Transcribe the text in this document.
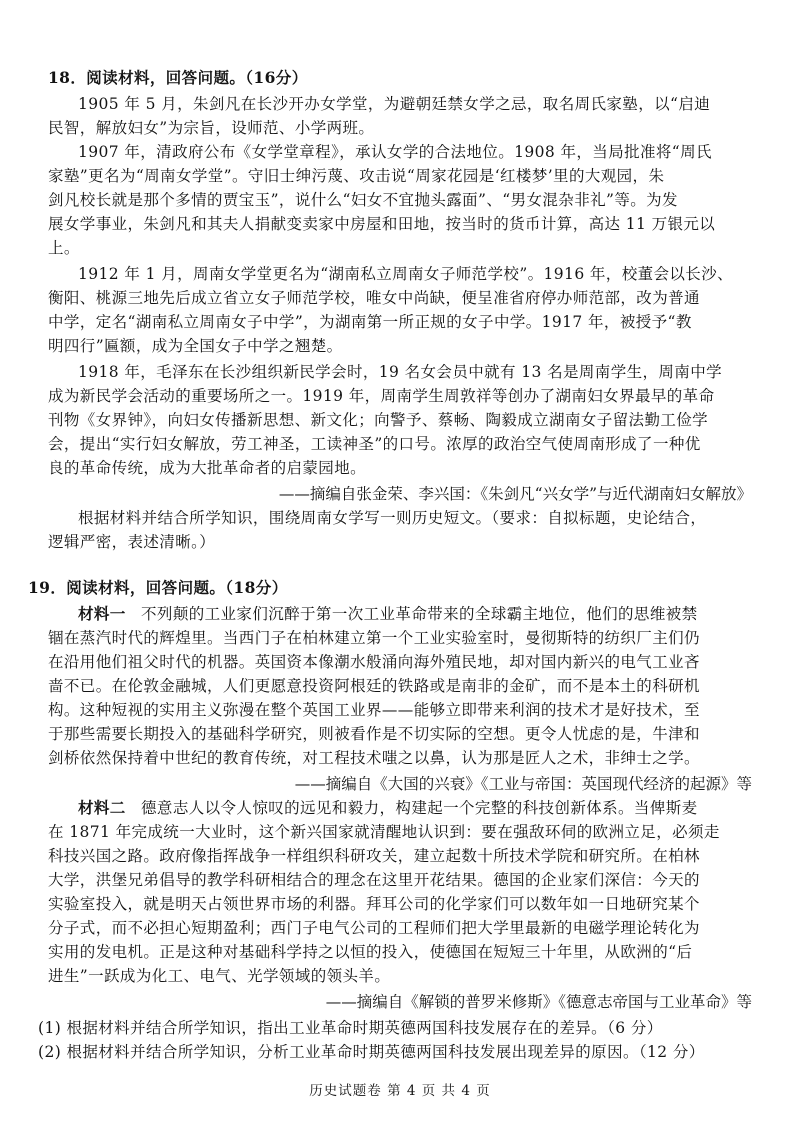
18．阅读材料，回答问题。（16分）
1905 年 5 月，朱剑凡在长沙开办女学堂，为避朝廷禁女学之忌，取名周氏家塾，以“启迪
民智，解放妇女”为宗旨，设师范、小学两班。
1907 年，清政府公布《女学堂章程》，承认女学的合法地位。1908 年，当局批准将“周氏
家塾”更名为“周南女学堂”。守旧士绅污蔑、攻击说“周家花园是‘红楼梦’里的大观园，朱
剑凡校长就是那个多情的贾宝玉”，说什么“妇女不宜抛头露面”、“男女混杂非礼”等。为发
展女学事业，朱剑凡和其夫人捐献变卖家中房屋和田地，按当时的货币计算，高达 11 万银元以
上。
1912 年 1 月，周南女学堂更名为“湖南私立周南女子师范学校”。1916 年，校董会以长沙、
衡阳、桃源三地先后成立省立女子师范学校，唯女中尚缺，便呈准省府停办师范部，改为普通
中学，定名“湖南私立周南女子中学”，为湖南第一所正规的女子中学。1917 年，被授予“教
明四行”匾额，成为全国女子中学之翘楚。
1918 年，毛泽东在长沙组织新民学会时，19 名女会员中就有 13 名是周南学生，周南中学
成为新民学会活动的重要场所之一。1919 年，周南学生周敦祥等创办了湖南妇女界最早的革命
刊物《女界钟》，向妇女传播新思想、新文化；向警予、蔡畅、陶毅成立湖南女子留法勤工俭学
会，提出“实行妇女解放，劳工神圣，工读神圣”的口号。浓厚的政治空气使周南形成了一种优
良的革命传统，成为大批革命者的启蒙园地。
——摘编自张金荣、李兴国：《朱剑凡“兴女学”与近代湖南妇女解放》
根据材料并结合所学知识，围绕周南女学写一则历史短文。（要求：自拟标题，史论结合，
逻辑严密，表述清晰。）
19．阅读材料，回答问题。（18分）
材料一 不列颠的工业家们沉醉于第一次工业革命带来的全球霸主地位，他们的思维被禁
锢在蒸汽时代的辉煌里。当西门子在柏林建立第一个工业实验室时，曼彻斯特的纺织厂主们仍
在沿用他们祖父时代的机器。英国资本像潮水般涌向海外殖民地，却对国内新兴的电气工业吝
啬不已。在伦敦金融城，人们更愿意投资阿根廷的铁路或是南非的金矿，而不是本土的科研机
构。这种短视的实用主义弥漫在整个英国工业界——能够立即带来利润的技术才是好技术，至
于那些需要长期投入的基础科学研究，则被看作是不切实际的空想。更令人忧虑的是，牛津和
剑桥依然保持着中世纪的教育传统，对工程技术嗤之以鼻，认为那是匠人之术，非绅士之学。
——摘编自《大国的兴衰》《工业与帝国：英国现代经济的起源》等
材料二 德意志人以令人惊叹的远见和毅力，构建起一个完整的科技创新体系。当俾斯麦
在 1871 年完成统一大业时，这个新兴国家就清醒地认识到：要在强敌环伺的欧洲立足，必须走
科技兴国之路。政府像指挥战争一样组织科研攻关，建立起数十所技术学院和研究所。在柏林
大学，洪堡兄弟倡导的教学科研相结合的理念在这里开花结果。德国的企业家们深信：今天的
实验室投入，就是明天占领世界市场的利器。拜耳公司的化学家们可以数年如一日地研究某个
分子式，而不必担心短期盈利；西门子电气公司的工程师们把大学里最新的电磁学理论转化为
实用的发电机。正是这种对基础科学持之以恒的投入，使德国在短短三十年里，从欧洲的“后
进生”一跃成为化工、电气、光学领域的领头羊。
——摘编自《解锁的普罗米修斯》《德意志帝国与工业革命》等
(1) 根据材料并结合所学知识，指出工业革命时期英德两国科技发展存在的差异。（6 分）
(2) 根据材料并结合所学知识，分析工业革命时期英德两国科技发展出现差异的原因。（12 分）
历史试题卷 第 4 页 共 4 页
